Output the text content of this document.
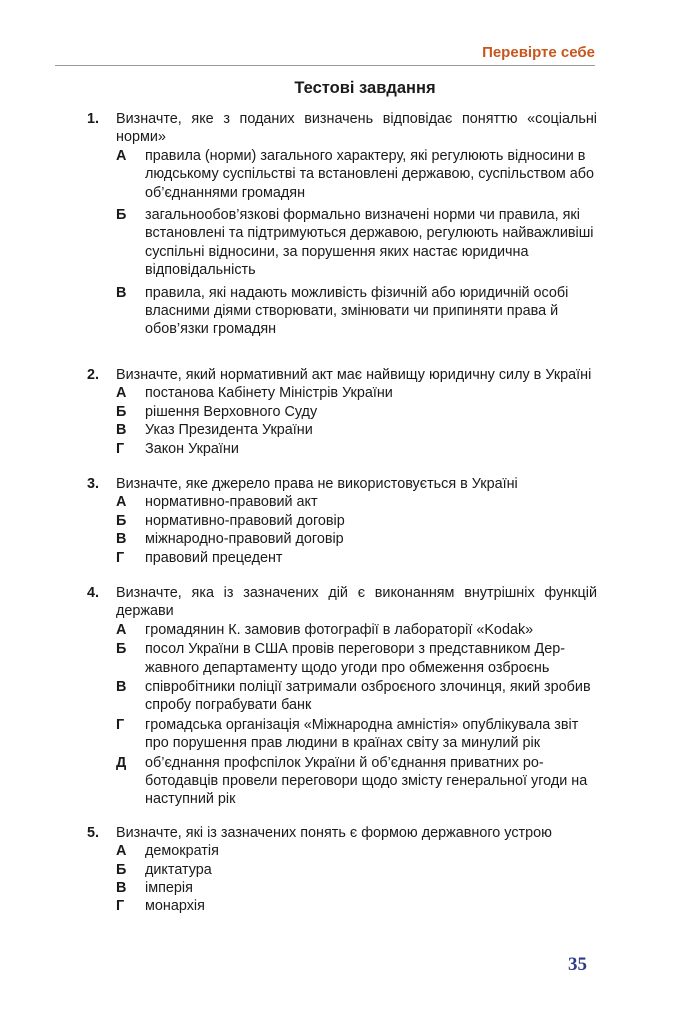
Перевірте себе
Тестові завдання
1.	Визначте, яке з поданих визначень відповідає поняттю «соціальні норми»
А правила (норми) загального характеру, які регулюють відносини в людському суспільстві та встановлені державою, суспільством або об’єднаннями громадян
Б загальнообов’язкові формально визначені норми чи правила, які встановлені та підтримуються державою, регулюють найважливіші суспільні відносини, за порушення яких настає юридична відповідальність
В правила, які надають можливість фізичній або юридичній особі власними діями створювати, змінювати чи припиняти права й обов’язки громадян
2.	Визначте, який нормативний акт має найвищу юридичну силу в Україні
А постанова Кабінету Міністрів України
Б рішення Верховного Суду
В Указ Президента України
Г Закон України
3.	Визначте, яке джерело права не використовується в Україні
А нормативно-правовий акт
Б нормативно-правовий договір
В міжнародно-правовий договір
Г правовий прецедент
4.	Визначте, яка із зазначених дій є виконанням внутрішніх функцій держави
А громадянин К. замовив фотографії в лабораторії «Kodak»
Б посол України в США провів переговори з представником Державного департаменту щодо угоди про обмеження озброєнь
В співробітники поліції затримали озброєного злочинця, який зробив спробу пограбувати банк
Г громадська організація «Міжнародна амністія» опублікувала звіт про порушення прав людини в країнах світу за минулий рік
Д об’єднання профспілок України й об’єднання приватних роботодавців провели переговори щодо змісту генеральної угоди на наступний рік
5.	Визначте, які із зазначених понять є формою державного устрою
А демократія
Б диктатура
В імперія
Г монархія
35
